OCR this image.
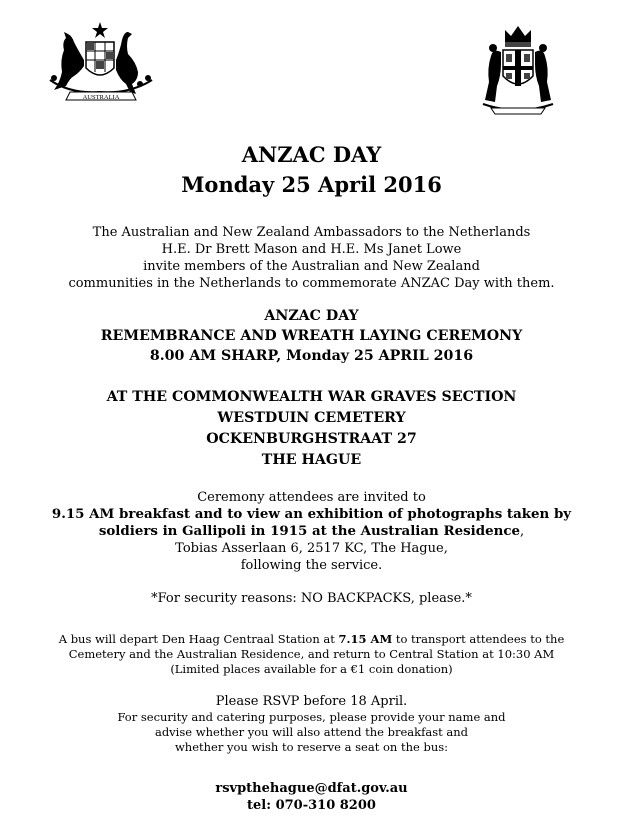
AUSTRALIA
ANZAC DAY
Monday 25 April 2016
The Australian and New Zealand Ambassadors to the Netherlands
H.E. Dr Brett Mason and H.E. Ms Janet Lowe
invite members of the Australian and New Zealand
communities in the Netherlands to commemorate ANZAC Day with them.
ANZAC DAY
REMEMBRANCE AND WREATH LAYING CEREMONY
8.00 AM SHARP, Monday 25 APRIL 2016
AT THE COMMONWEALTH WAR GRAVES SECTION
WESTDUIN CEMETERY
OCKENBURGHSTRAAT 27
THE HAGUE
Ceremony attendees are invited to
9.15 AM breakfast and to view an exhibition of photographs taken by
soldiers in Gallipoli in 1915 at the Australian Residence,
Tobias Asserlaan 6, 2517 KC, The Hague,
following the service.
*For security reasons: NO BACKPACKS, please.*
A bus will depart Den Haag Centraal Station at 7.15 AM to transport attendees to the
Cemetery and the Australian Residence, and return to Central Station at 10:30 AM
(Limited places available for a €1 coin donation)
Please RSVP before 18 April.
For security and catering purposes, please provide your name and
advise whether you will also attend the breakfast and
whether you wish to reserve a seat on the bus:
rsvpthehague@dfat.gov.au
tel: 070-310 8200
